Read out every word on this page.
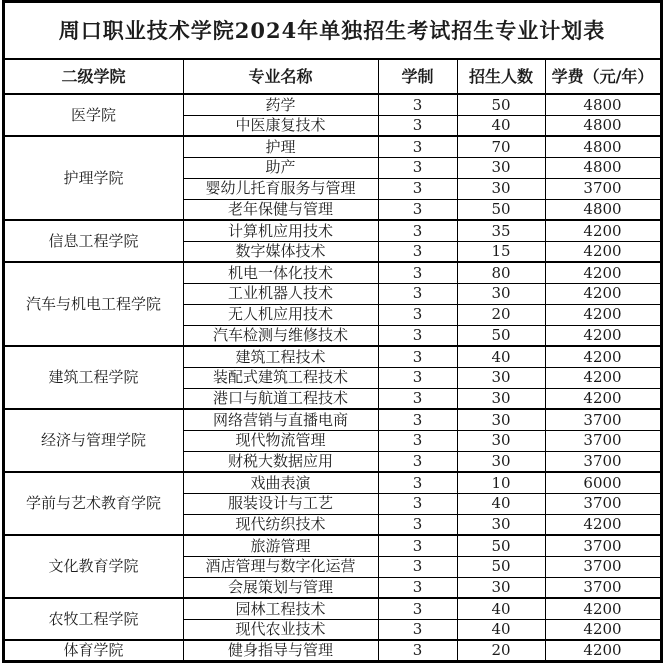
周口职业技术学院2024年单独招生考试招生专业计划表				
二级学院	专业名称	学制	招生人数	学费（元/年）
医学院	药学	3	50	4800
	中医康复技术	3	40	4800
护理学院	护理	3	70	4800
	助产	3	30	4800
	婴幼儿托育服务与管理	3	30	3700
	老年保健与管理	3	50	4800
信息工程学院	计算机应用技术	3	35	4200
	数字媒体技术	3	15	4200
汽车与机电工程学院	机电一体化技术	3	80	4200
	工业机器人技术	3	30	4200
	无人机应用技术	3	20	4200
	汽车检测与维修技术	3	50	4200
建筑工程学院	建筑工程技术	3	40	4200
	装配式建筑工程技术	3	30	4200
	港口与航道工程技术	3	30	4200
经济与管理学院	网络营销与直播电商	3	30	3700
	现代物流管理	3	30	3700
	财税大数据应用	3	30	3700
学前与艺术教育学院	戏曲表演	3	10	6000
	服装设计与工艺	3	40	3700
	现代纺织技术	3	30	4200
文化教育学院	旅游管理	3	50	3700
	酒店管理与数字化运营	3	50	3700
	会展策划与管理	3	30	3700
农牧工程学院	园林工程技术	3	40	4200
	现代农业技术	3	40	4200
体育学院	健身指导与管理	3	20	4200
